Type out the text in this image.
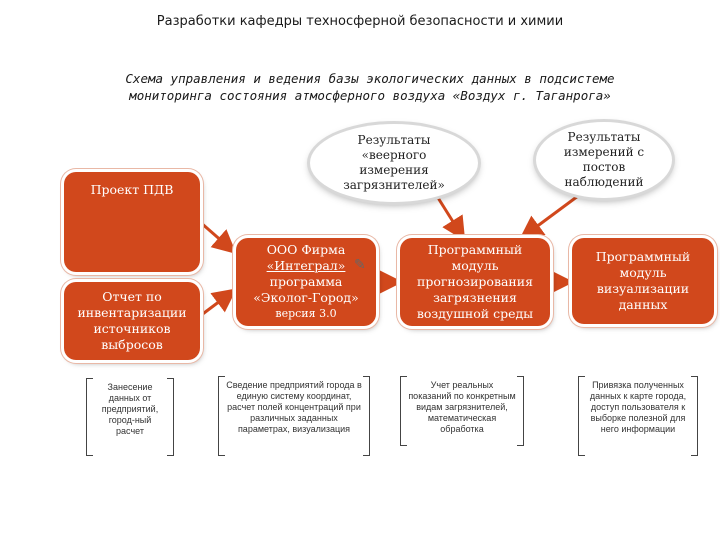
Разработки кафедры техносферной безопасности и химии
Схема управления и ведения базы экологических данных в подсистеме
мониторинга состояния атмосферного воздуха «Воздух г. Таганрога»
Результаты «веерного измерения загрязнителей»
Результаты измерений с постов наблюдений
Проект ПДВ
Отчет по инвентаризации источников выбросов
ООО Фирма
«Интеграл»
программа
«Эколог-Город»
версия 3.0
✎
Программный модуль прогнозирования загрязнения воздушной среды
Программный модуль визуализации данных
Занесение данных от предприятий, город-ный расчет
Сведение предприятий города в единую систему координат, расчет полей концентраций при различных заданных параметрах, визуализация
Учет реальных показаний по конкретным видам загрязнителей, математическая обработка
Привязка полученных данных к карте города, доступ пользователя к выборке полезной для него информации
